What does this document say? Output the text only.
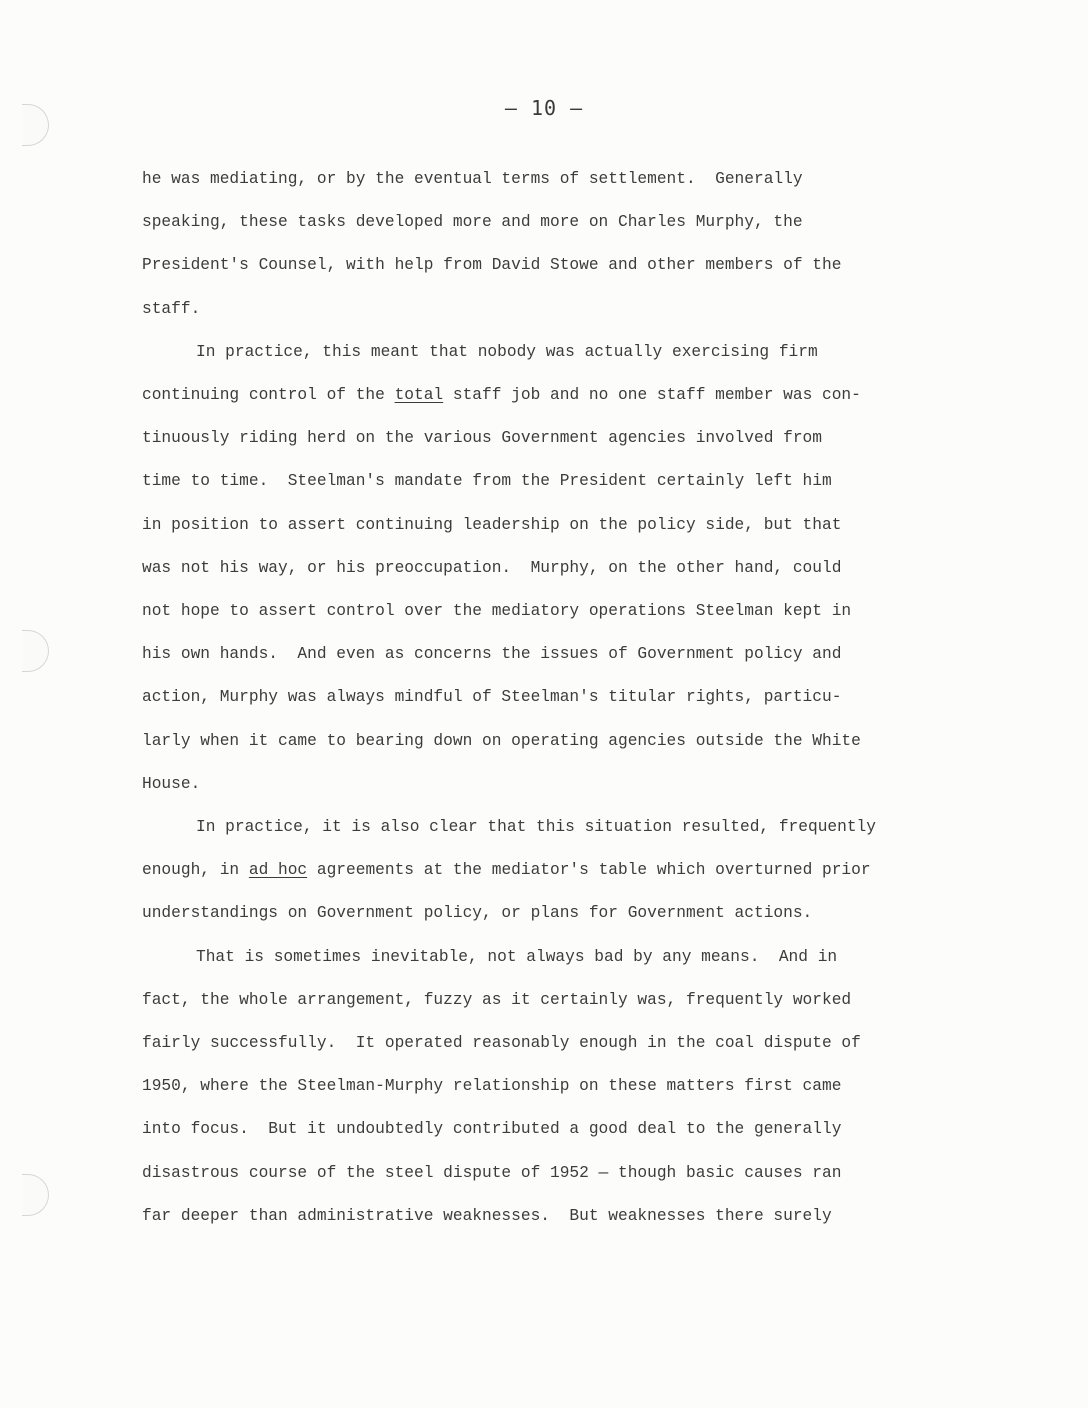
— 10 —

he was mediating, or by the eventual terms of settlement.  Generally
speaking, these tasks developed more and more on Charles Murphy, the
President's Counsel, with help from David Stowe and other members of the
staff.

In practice, this meant that nobody was actually exercising firm
continuing control of the total staff job and no one staff member was con-
tinuously riding herd on the various Government agencies involved from
time to time.  Steelman's mandate from the President certainly left him
in position to assert continuing leadership on the policy side, but that
was not his way, or his preoccupation.  Murphy, on the other hand, could
not hope to assert control over the mediatory operations Steelman kept in
his own hands.  And even as concerns the issues of Government policy and
action, Murphy was always mindful of Steelman's titular rights, particu-
larly when it came to bearing down on operating agencies outside the White
House.

In practice, it is also clear that this situation resulted, frequently
enough, in ad hoc agreements at the mediator's table which overturned prior
understandings on Government policy, or plans for Government actions.

That is sometimes inevitable, not always bad by any means.  And in
fact, the whole arrangement, fuzzy as it certainly was, frequently worked
fairly successfully.  It operated reasonably enough in the coal dispute of
1950, where the Steelman-Murphy relationship on these matters first came
into focus.  But it undoubtedly contributed a good deal to the generally
disastrous course of the steel dispute of 1952 — though basic causes ran
far deeper than administrative weaknesses.  But weaknesses there surely
